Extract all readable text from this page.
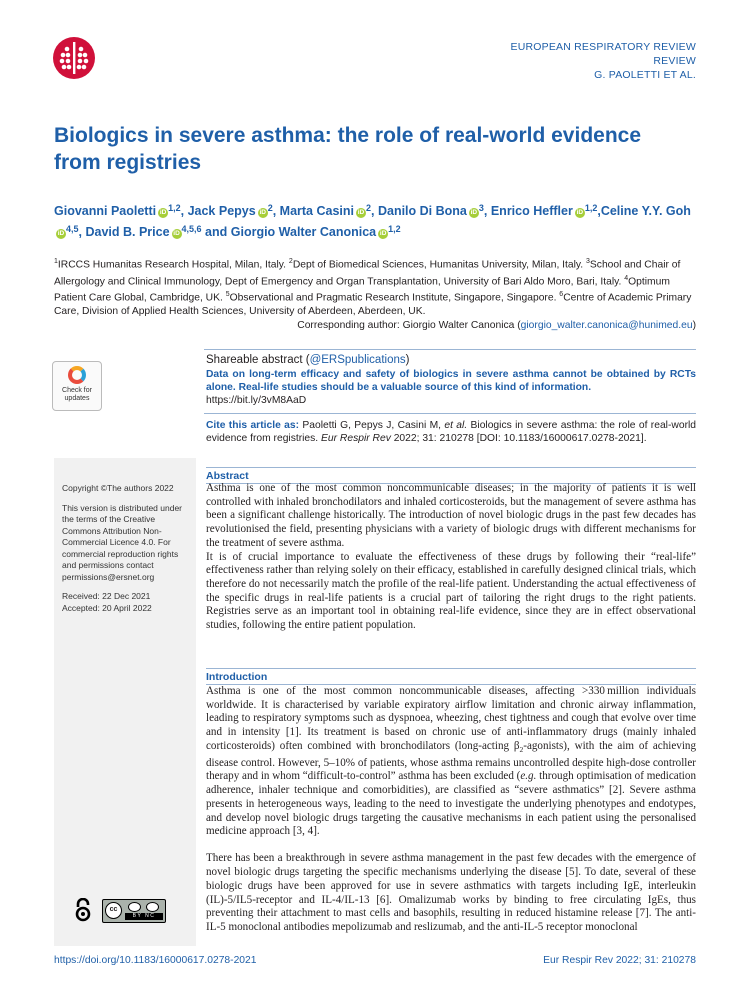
EUROPEAN RESPIRATORY REVIEW
REVIEW
G. PAOLETTI ET AL.
Biologics in severe asthma: the role of real-world evidence from registries
Giovanni Paoletti iD $^{1,2}$, Jack Pepys iD $^2$, Marta Casini iD $^2$, Danilo Di Bona iD $^3$, Enrico Heffler iD $^{1,2}$,Celine Y.Y. GohiD $^{4,5}$, David B. Price iD $^{4,5,6}$ and Giorgio Walter Canonica iD $^{1,2}$
$^1$IRCCS Humanitas Research Hospital, Milan, Italy. $^2$Dept of Biomedical Sciences, Humanitas University, Milan, Italy. $^3$School and Chair of Allergology and Clinical Immunology, Dept of Emergency and Organ Transplantation, University of Bari Aldo Moro, Bari, Italy. $^4$Optimum Patient Care Global, Cambridge, UK. $^5$Observational and Pragmatic Research Institute, Singapore, Singapore. $^6$Centre of Academic Primary Care, Division of Applied Health Sciences, University of Aberdeen, Aberdeen, UK.
Corresponding author: Giorgio Walter Canonica (giorgio_walter.canonica@hunimed.eu)
Check for updates
Shareable abstract (@ERSpublications)
Data on long-term efficacy and safety of biologics in severe asthma cannot be obtained by RCTs alone. Real-life studies should be a valuable source of this kind of information.
https://bit.ly/3vM8AaD
Cite this article as: Paoletti G, Pepys J, Casini M, et al. Biologics in severe asthma: the role of real-world evidence from registries. Eur Respir Rev 2022; 31: 210278 [DOI: 10.1183/16000617.0278-2021].

Copyright ©The authors 2022

This version is distributed under the terms of the Creative Commons Attribution Non-Commercial Licence 4.0. For commercial reproduction rights and permissions contact permissions@ersnet.org

Received: 22 Dec 2021
Accepted: 20 April 2022

Abstract

Asthma is one of the most common noncommunicable diseases; in the majority of patients it is well controlled with inhaled bronchodilators and inhaled corticosteroids, but the management of severe asthma has been a significant challenge historically. The introduction of novel biologic drugs in the past few decades has revolutionised the field, presenting physicians with a variety of biologic drugs with different mechanisms for the treatment of severe asthma.

It is of crucial importance to evaluate the effectiveness of these drugs by following their “real-life” effectiveness rather than relying solely on their efficacy, established in carefully designed clinical trials, which therefore do not necessarily match the profile of the real-life patient. Understanding the actual effectiveness of the specific drugs in real-life patients is a crucial part of tailoring the right drugs to the right patients. Registries serve as an important tool in obtaining real-life evidence, since they are in effect observational studies, following the entire patient population.

Introduction

Asthma is one of the most common noncommunicable diseases, affecting >330 million individuals worldwide. It is characterised by variable expiratory airflow limitation and chronic airway inflammation, leading to respiratory symptoms such as dyspnoea, wheezing, chest tightness and cough that evolve over time and in intensity [1]. Its treatment is based on chronic use of anti-inflammatory drugs (mainly inhaled corticosteroids) often combined with bronchodilators (long-acting $\beta_2-agonists$), with the aim of achieving disease control. However, 5–10% of patients, whose asthma remains uncontrolled despite high-dose controller therapy and in whom “difficult-to-control” asthma has been excluded (e.g. through optimisation of medication adherence, inhaler technique and comorbidities), are classified as “severe asthmatics” [2]. Severe asthma presents in heterogeneous ways, leading to the need to investigate the underlying phenotypes and endotypes, and develop novel biologic drugs targeting the causative mechanisms in each patient using the personalised medicine approach [3, 4].

There has been a breakthrough in severe asthma management in the past few decades with the emergence of novel biologic drugs targeting the specific mechanisms underlying the disease [5]. To date, several of these biologic drugs have been approved for use in severe asthmatics with targets including IgE, interleukin (IL)-5/IL5-receptor and IL-4/IL-13 [6]. Omalizumab works by binding to free circulating IgEs, thus preventing their attachment to mast cells and basophils, resulting in reduced histamine release [7]. The anti-IL-5 monoclonal antibodies mepolizumab and reslizumab, and the anti-IL-5 receptor monoclonal

cc
BY NC
https://doi.org/10.1183/16000617.0278-2021	Eur Respir Rev 2022; 31: 210278
